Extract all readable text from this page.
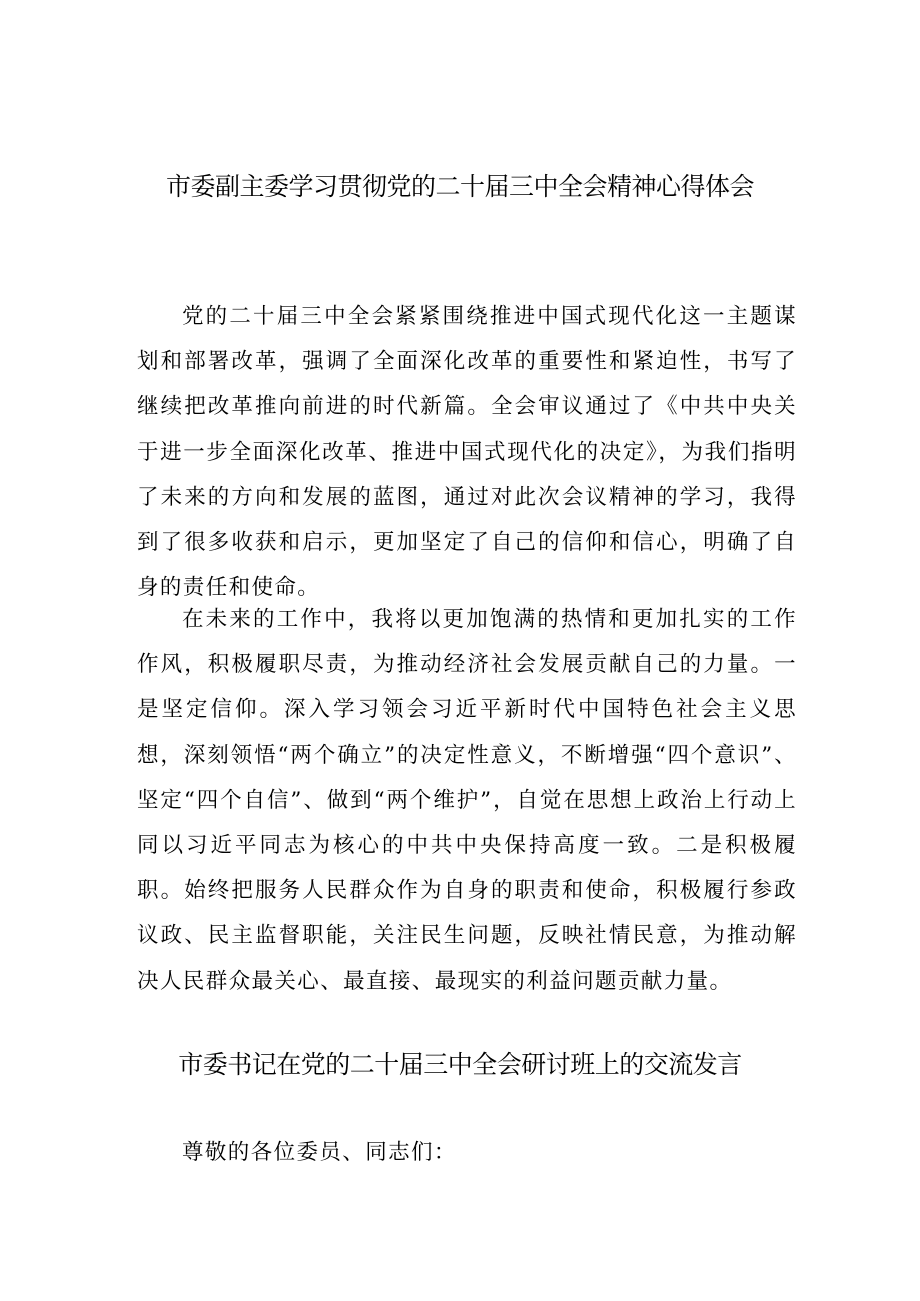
市委副主委学习贯彻党的二十届三中全会精神心得体会

党的二十届三中全会紧紧围绕推进中国式现代化这一主题谋划和部署改革，强调了全面深化改革的重要性和紧迫性，书写了继续把改革推向前进的时代新篇。全会审议通过了《中共中央关于进一步全面深化改革、推进中国式现代化的决定》，为我们指明了未来的方向和发展的蓝图，通过对此次会议精神的学习，我得到了很多收获和启示，更加坚定了自己的信仰和信心，明确了自身的责任和使命。

在未来的工作中，我将以更加饱满的热情和更加扎实的工作作风，积极履职尽责，为推动经济社会发展贡献自己的力量。一是坚定信仰。深入学习领会习近平新时代中国特色社会主义思想，深刻领悟“两个确立”的决定性意义，不断增强“四个意识”、坚定“四个自信”、做到“两个维护”，自觉在思想上政治上行动上同以习近平同志为核心的中共中央保持高度一致。二是积极履职。始终把服务人民群众作为自身的职责和使命，积极履行参政议政、民主监督职能，关注民生问题，反映社情民意，为推动解决人民群众最关心、最直接、最现实的利益问题贡献力量。

市委书记在党的二十届三中全会研讨班上的交流发言

尊敬的各位委员、同志们：
